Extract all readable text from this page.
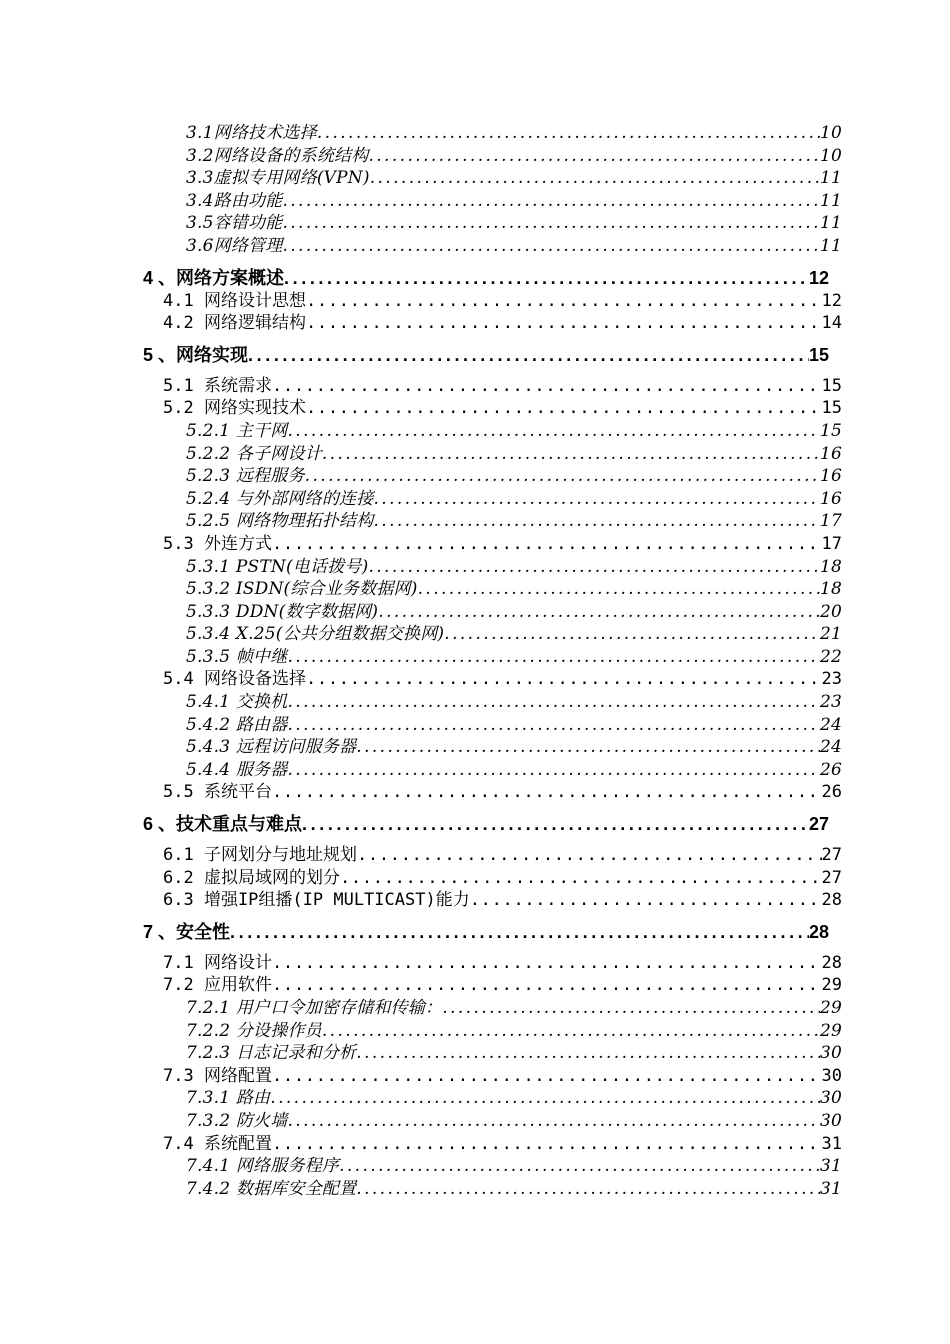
3.1网络技术选择 .....	10
3.2网络设备的系统结构 .....	10
3.3虚拟专用网络(VPN) .....	11
3.4路由功能 .....	11
3.5容错功能 .....	11
3.6网络管理 .....	11
4 、网络方案概述 .....	12
4.1 网络设计思想 .....	12
4.2 网络逻辑结构 .....	14
5 、网络实现 .....	15
5.1 系统需求 .....	15
5.2 网络实现技术 .....	15
5.2.1 主干网 .....	15
5.2.2 各子网设计 .....	16
5.2.3 远程服务 .....	16
5.2.4 与外部网络的连接 .....	16
5.2.5 网络物理拓扑结构 .....	17
5.3 外连方式 .....	17
5.3.1 PSTN(电话拨号) .....	18
5.3.2 ISDN(综合业务数据网) .....	18
5.3.3 DDN(数字数据网) .....	20
5.3.4 X.25(公共分组数据交换网) .....	21
5.3.5 帧中继 .....	22
5.4 网络设备选择 .....	23
5.4.1 交换机 .....	23
5.4.2 路由器 .....	24
5.4.3 远程访问服务器 .....	24
5.4.4 服务器 .....	26
5.5 系统平台 .....	26
6 、技术重点与难点 .....	27
6.1 子网划分与地址规划 .....	27
6.2 虚拟局域网的划分 .....	27
6.3 增强IP组播(IP MULTICAST)能力 .....	28
7 、安全性 .....	28
7.1 网络设计 .....	28
7.2 应用软件 .....	29
7.2.1 用户口令加密存储和传输： .....	29
7.2.2 分设操作员 .....	29
7.2.3 日志记录和分析 .....	30
7.3 网络配置 .....	30
7.3.1 路由 .....	30
7.3.2 防火墙 .....	30
7.4 系统配置 .....	31
7.4.1 网络服务程序 .....	31
7.4.2 数据库安全配置 .....	31
